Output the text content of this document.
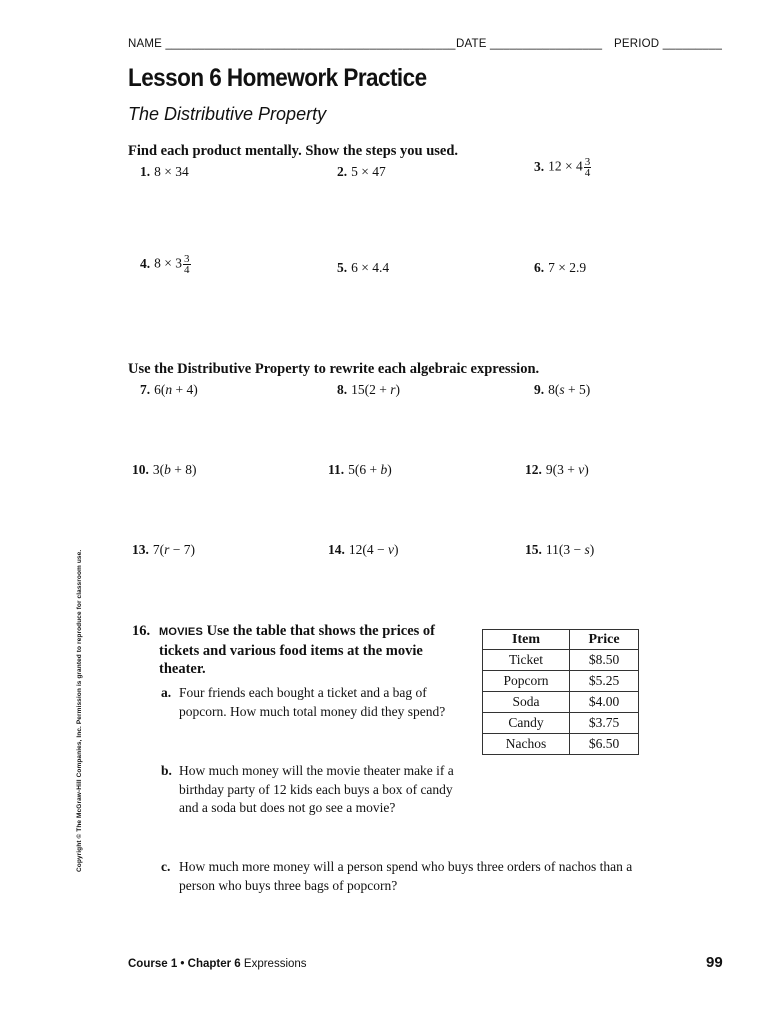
NAME ____________________________________________ DATE _________________ PERIOD _________
Lesson 6 Homework Practice
The Distributive Property
Find each product mentally. Show the steps you used.
1. 8 × 34	2. 5 × 47	3. $12 \times 4 \frac{3}{4}$
4. $8 \times 3 \frac{3}{4}$	5. 6 × 4.4	6. 7 × 2.9
Use the Distributive Property to rewrite each algebraic expression.
7. 6(n + 4)	8. 15(2 + r)	9. 8(s + 5)
10. 3(b + 8)	11. 5(6 + b)	12. 9(3 + v)
13. 7(r − 7)	14. 12(4 − v)	15. 11(3 − s)
16. MOVIES Use the table that shows the prices of tickets and various food items at the movie theater.
a. Four friends each bought a ticket and a bag of popcorn. How much total money did they spend?
b. How much money will the movie theater make if a birthday party of 12 kids each buys a box of candy and a soda but does not go see a movie?
c. How much more money will a person spend who buys three orders of nachos than a person who buys three bags of popcorn?
Item	Price
Ticket	$8.50
Popcorn	$5.25
Soda	$4.00
Candy	$3.75
Nachos	$6.50
Copyright © The McGraw-Hill Companies, Inc. Permission is granted to reproduce for classroom use.
Course 1 • Chapter 6 Expressions	99
